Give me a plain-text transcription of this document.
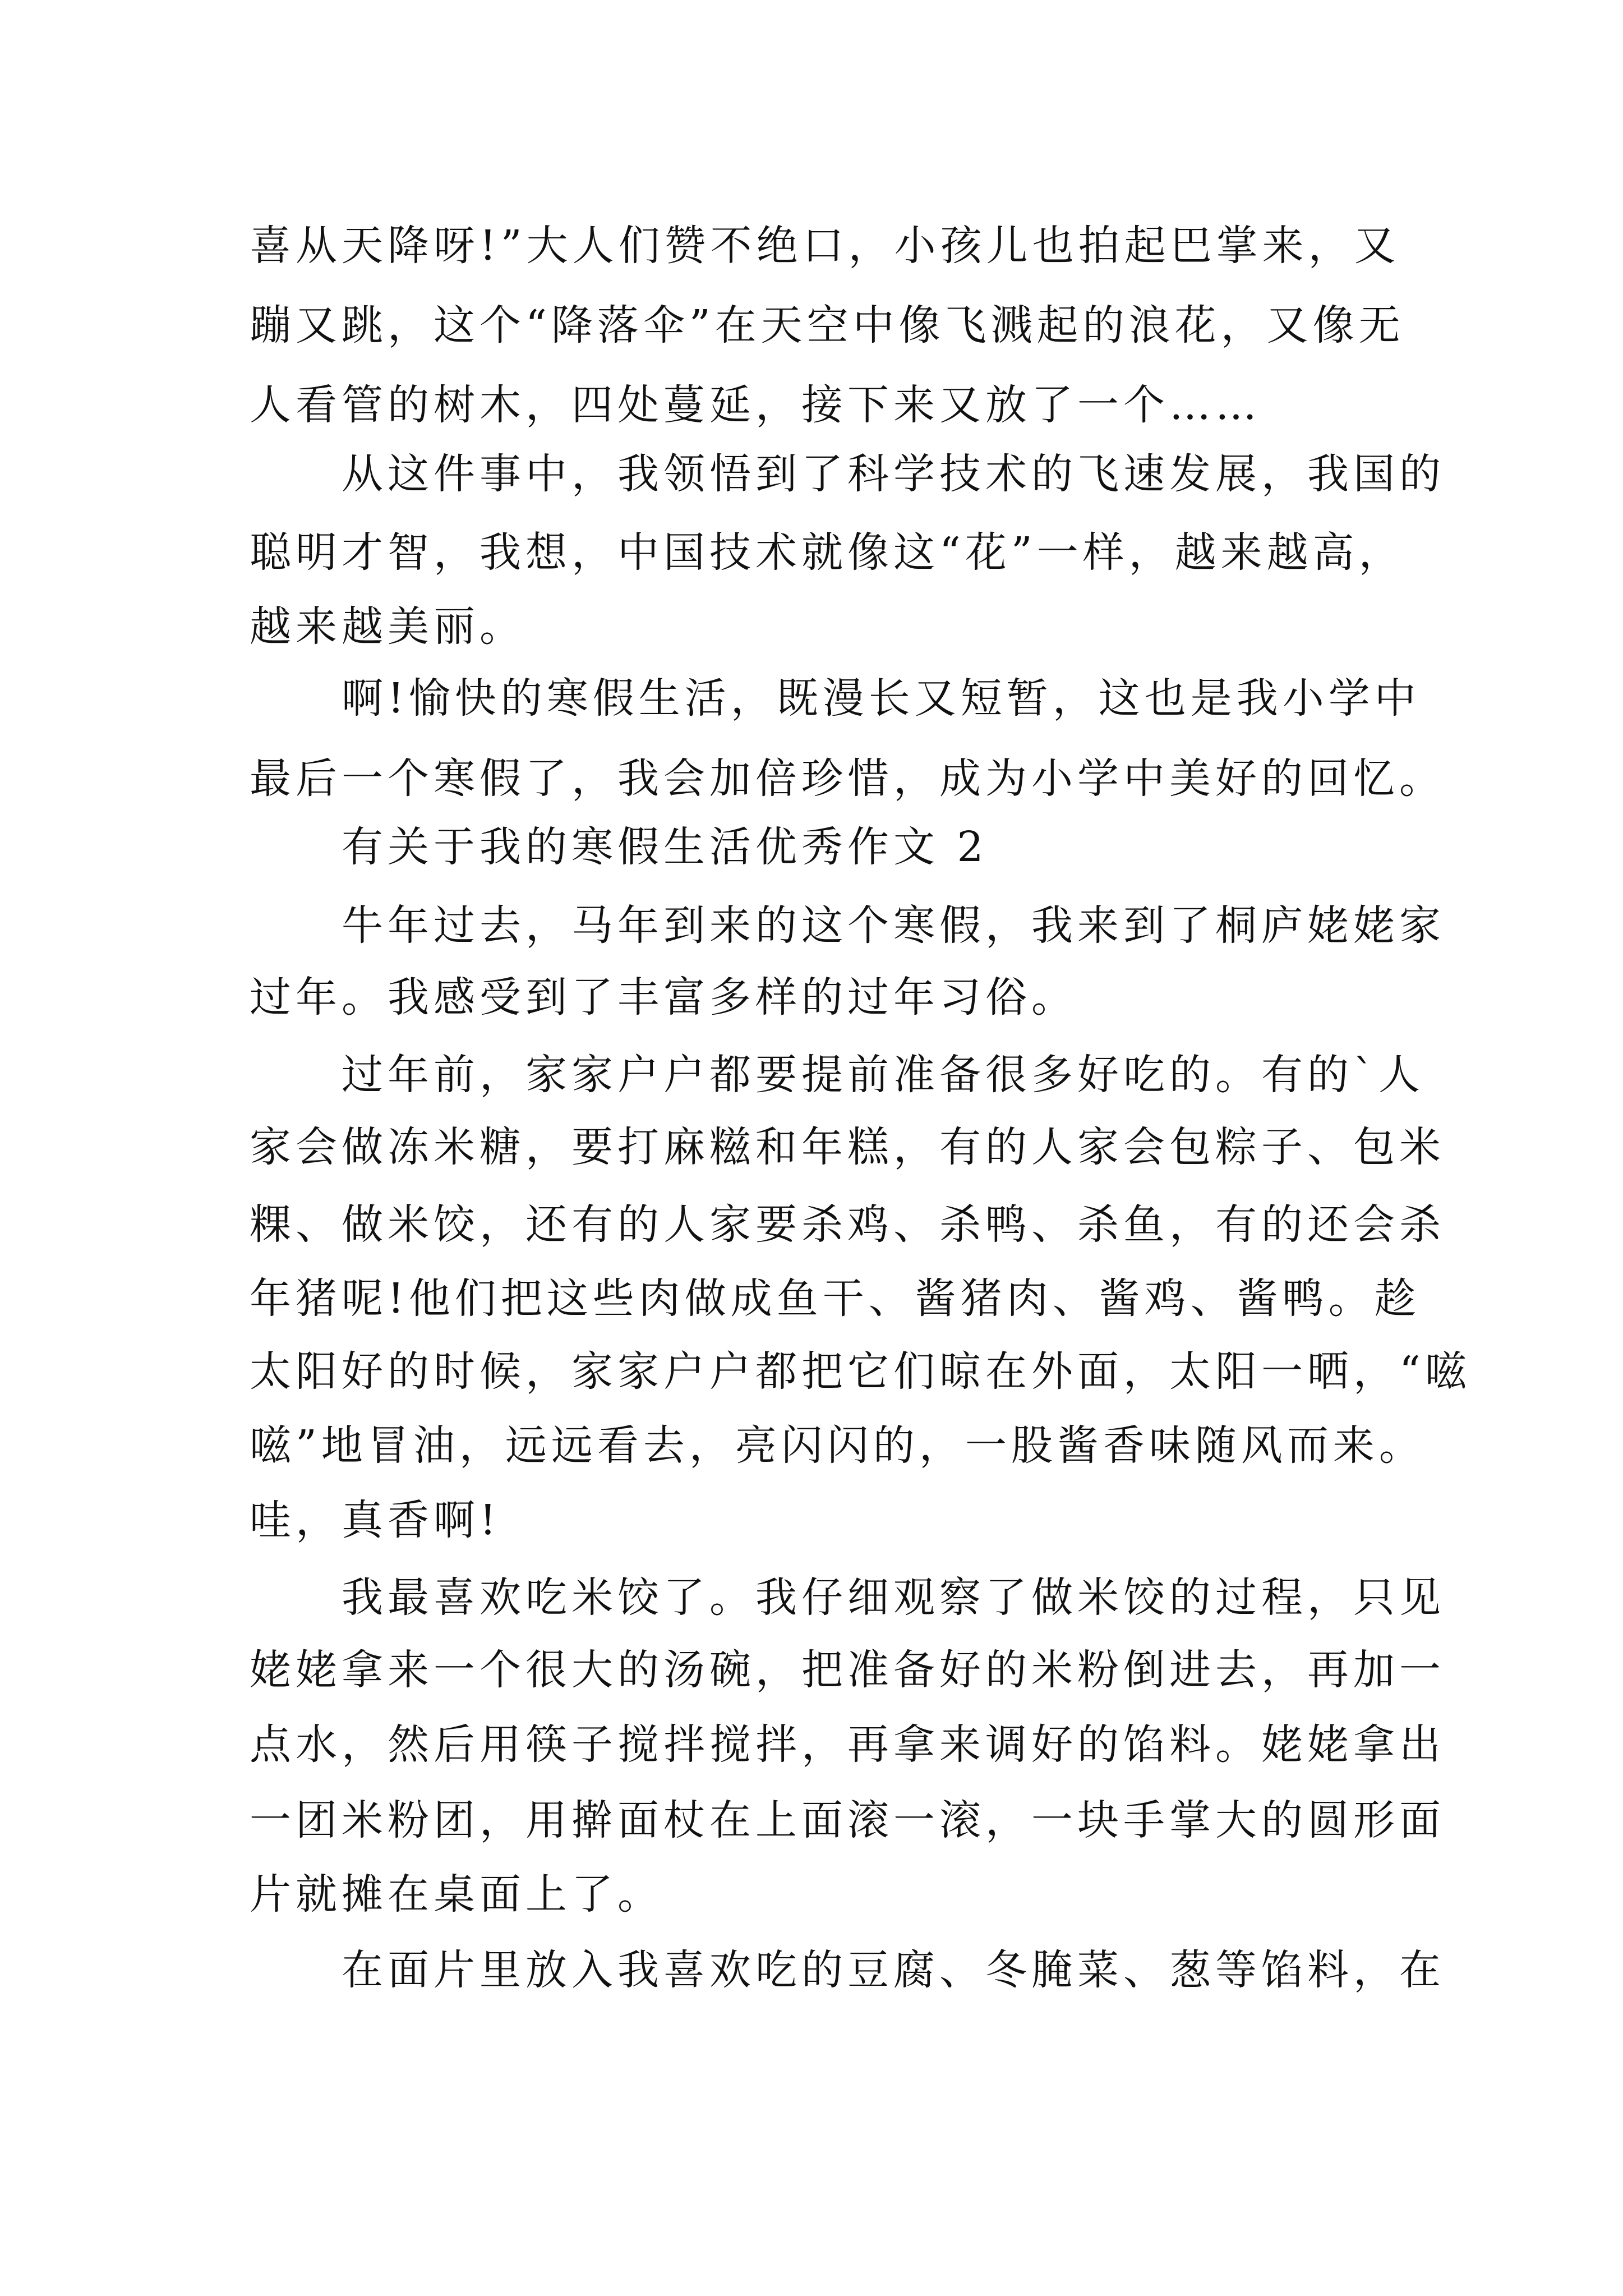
喜从天降呀!”大人们赞不绝口，小孩儿也拍起巴掌来，又

蹦又跳，这个“降落伞”在天空中像飞溅起的浪花，又像无

人看管的树木，四处蔓延，接下来又放了一个……

　　从这件事中，我领悟到了科学技术的飞速发展，我国的

聪明才智，我想，中国技术就像这“花”一样，越来越高，

越来越美丽。

　　啊!愉快的寒假生活，既漫长又短暂，这也是我小学中

最后一个寒假了，我会加倍珍惜，成为小学中美好的回忆。

　　有关于我的寒假生活优秀作文 2

　　牛年过去，马年到来的这个寒假，我来到了桐庐姥姥家

过年。我感受到了丰富多样的过年习俗。

　　过年前，家家户户都要提前准备很多好吃的。有的`人

家会做冻米糖，要打麻糍和年糕，有的人家会包粽子、包米

粿、做米饺，还有的人家要杀鸡、杀鸭、杀鱼，有的还会杀

年猪呢!他们把这些肉做成鱼干、酱猪肉、酱鸡、酱鸭。趁

太阳好的时候，家家户户都把它们晾在外面，太阳一晒，“嗞

嗞”地冒油，远远看去，亮闪闪的，一股酱香味随风而来。

哇，真香啊!

　　我最喜欢吃米饺了。我仔细观察了做米饺的过程，只见

姥姥拿来一个很大的汤碗，把准备好的米粉倒进去，再加一

点水，然后用筷子搅拌搅拌，再拿来调好的馅料。姥姥拿出

一团米粉团，用擀面杖在上面滚一滚，一块手掌大的圆形面

片就摊在桌面上了。

　　在面片里放入我喜欢吃的豆腐、冬腌菜、葱等馅料，在
